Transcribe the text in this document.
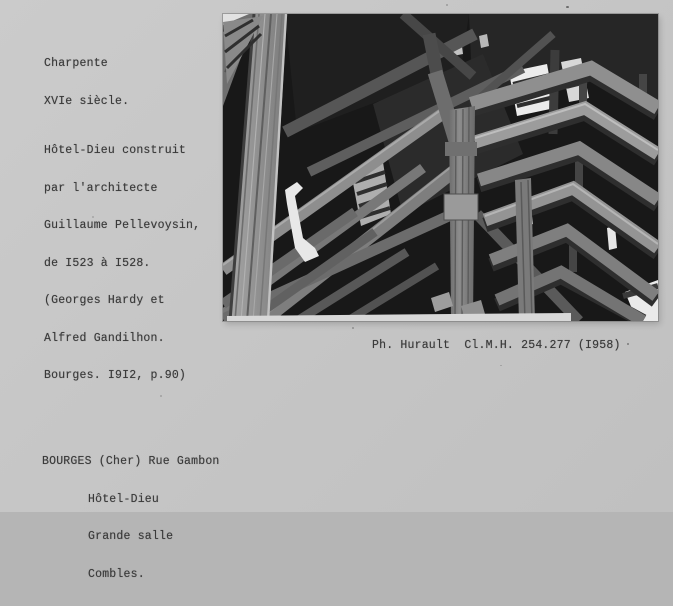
Charpente

XVIe siècle.

Hôtel-Dieu construit

par l'architecte

Guillaume Pellevoysin,

de I523 à I528.

(Georges Hardy et

Alfred Gandilhon.

Bourges. I9I2, p.90)

Ph. Hurault  Cl.M.H. 254.277 (I958)

BOURGES (Cher) Rue Gambon

Hôtel-Dieu

Grande salle

Combles.
